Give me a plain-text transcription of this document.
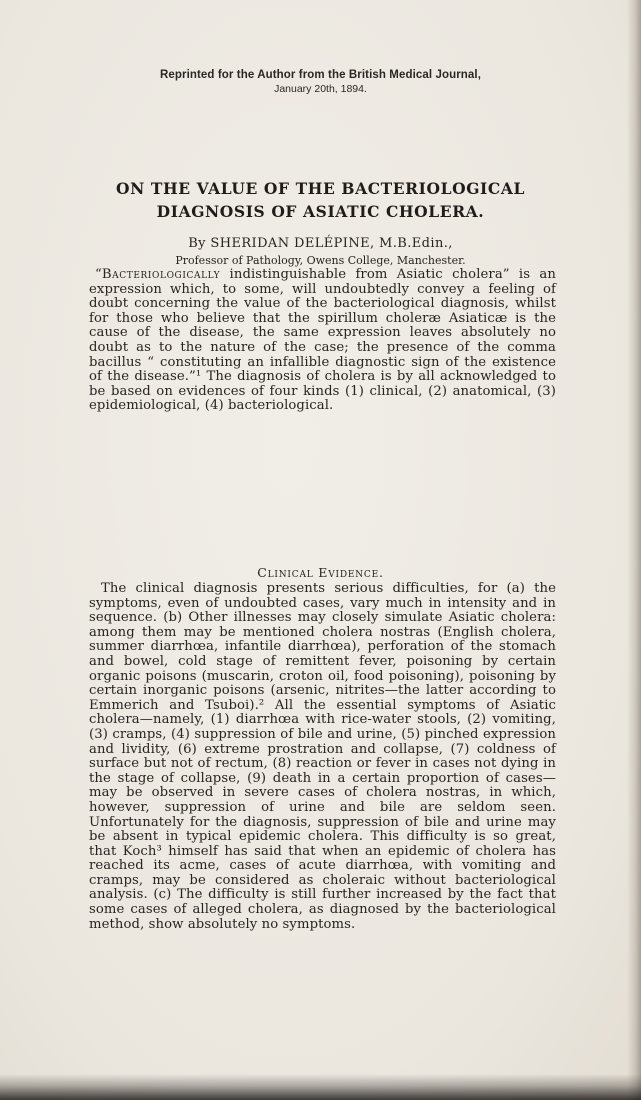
Reprinted for the Author from the British Medical Journal,
January 20th, 1894.
ON THE VALUE OF THE BACTERIOLOGICAL
DIAGNOSIS OF ASIATIC CHOLERA.
By SHERIDAN DELÉPINE, M.B.Edin.,
Professor of Pathology, Owens College, Manchester.

“Bacteriologically indistinguishable from Asiatic cholera” is an expression which, to some, will undoubtedly convey a feeling of doubt concerning the value of the bacteriological diagnosis, whilst for those who believe that the spirillum choleræ Asiaticæ is the cause of the disease, the same expression leaves absolutely no doubt as to the nature of the case; the presence of the comma bacillus “ constituting an infallible diagnostic sign of the existence of the disease.”¹ The diagnosis of cholera is by all acknowledged to be based on evidences of four kinds (1) clinical, (2) anatomical, (3) epidemiological, (4) bacteriological.

Clinical Evidence.

The clinical diagnosis presents serious difficulties, for (a) the symptoms, even of undoubted cases, vary much in intensity and in sequence. (b) Other illnesses may closely simulate Asiatic cholera: among them may be mentioned cholera nostras (English cholera, summer diarrhœa, infantile diarrhœa), perforation of the stomach and bowel, cold stage of remittent fever, poisoning by certain organic poisons (muscarin, croton oil, food poisoning), poisoning by certain inorganic poisons (arsenic, nitrites—the latter according to Emmerich and Tsuboi).² All the essential symptoms of Asiatic cholera—namely, (1) diarrhœa with rice-water stools, (2) vomiting, (3) cramps, (4) suppression of bile and urine, (5) pinched expression and lividity, (6) extreme prostration and collapse, (7) coldness of surface but not of rectum, (8) reaction or fever in cases not dying in the stage of collapse, (9) death in a certain proportion of cases—may be observed in severe cases of cholera nostras, in which, however, suppression of urine and bile are seldom seen. Unfortunately for the diagnosis, suppression of bile and urine may be absent in typical epidemic cholera. This difficulty is so great, that Koch³ himself has said that when an epidemic of cholera has reached its acme, cases of acute diarrhœa, with vomiting and cramps, may be considered as choleraic without bacteriological analysis. (c) The difficulty is still further increased by the fact that some cases of alleged cholera, as diagnosed by the bacteriological method, show absolutely no symptoms.
